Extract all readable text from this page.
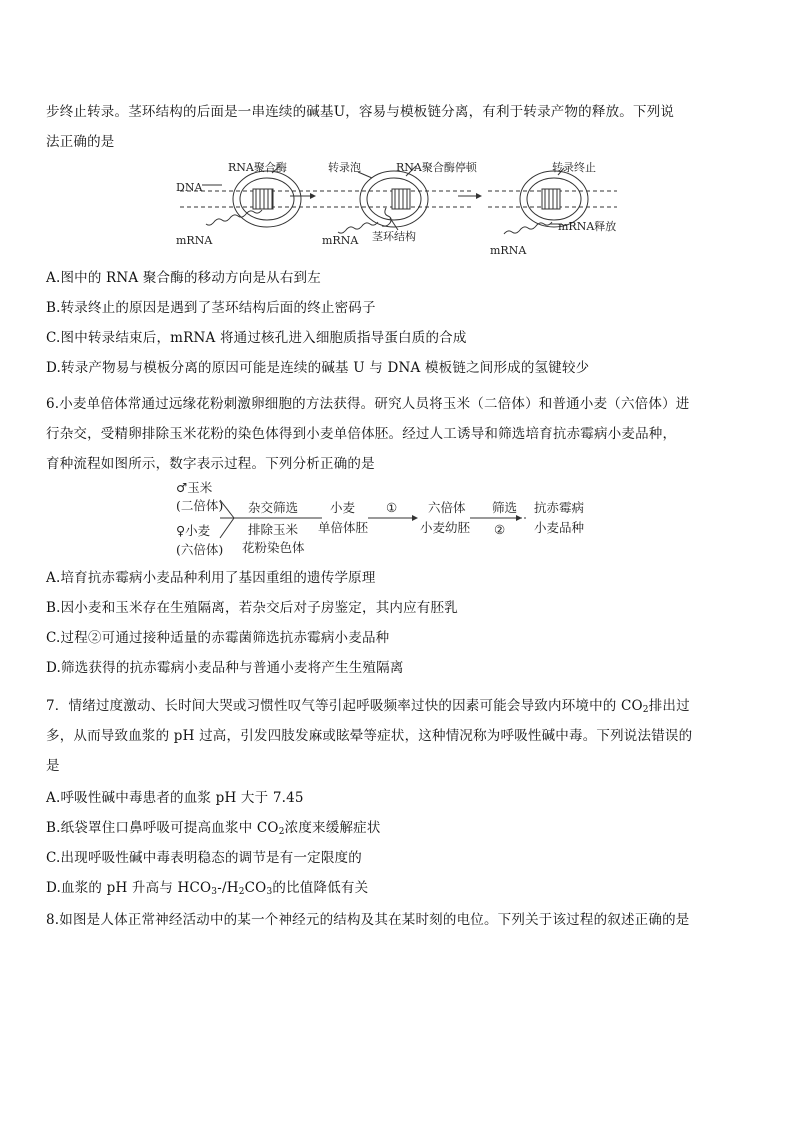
步终止转录。茎环结构的后面是一串连续的碱基U，容易与模板链分离，有利于转录产物的释放。下列说
法正确的是
DNA
RNA聚合酶
mRNA
转录泡	RNA聚合酶停顿
mRNA 茎环结构
转录终止
mRNA释放
mRNA
A.图中的 RNA 聚合酶的移动方向是从右到左
B.转录终止的原因是遇到了茎环结构后面的终止密码子
C.图中转录结束后，mRNA 将通过核孔进入细胞质指导蛋白质的合成
D.转录产物易与模板分离的原因可能是连续的碱基 U 与 DNA 模板链之间形成的氢键较少
6.小麦单倍体常通过远缘花粉刺激卵细胞的方法获得。研究人员将玉米（二倍体）和普通小麦（六倍体）进
行杂交，受精卵排除玉米花粉的染色体得到小麦单倍体胚。经过人工诱导和筛选培育抗赤霉病小麦品种，
育种流程如图所示，数字表示过程。下列分析正确的是
♂玉米
(二倍体)
♀小麦
(六倍体)
杂交筛选
排除玉米
花粉染色体
小麦
单倍体胚
① 六倍体
小麦幼胚
筛选
②
抗赤霉病
小麦品种
A.培育抗赤霉病小麦品种利用了基因重组的遗传学原理
B.因小麦和玉米存在生殖隔离，若杂交后对子房鉴定，其内应有胚乳
C.过程②可通过接种适量的赤霉菌筛选抗赤霉病小麦品种
D.筛选获得的抗赤霉病小麦品种与普通小麦将产生生殖隔离
7．情绪过度激动、长时间大哭或习惯性叹气等引起呼吸频率过快的因素可能会导致内环境中的 $CO_2$排出过
多，从而导致血浆的 pH 过高，引发四肢发麻或眩晕等症状，这种情况称为呼吸性碱中毒。下列说法错误的
是
A.呼吸性碱中毒患者的血浆 pH 大于 7.45
B.纸袋罩住口鼻呼吸可提高血浆中 $CO_2$浓度来缓解症状
C.出现呼吸性碱中毒表明稳态的调节是有一定限度的
D.血浆的 pH 升高与 $HCO_3-/H_2CO_3$的比值降低有关
8.如图是人体正常神经活动中的某一个神经元的结构及其在某时刻的电位。下列关于该过程的叙述正确的是
